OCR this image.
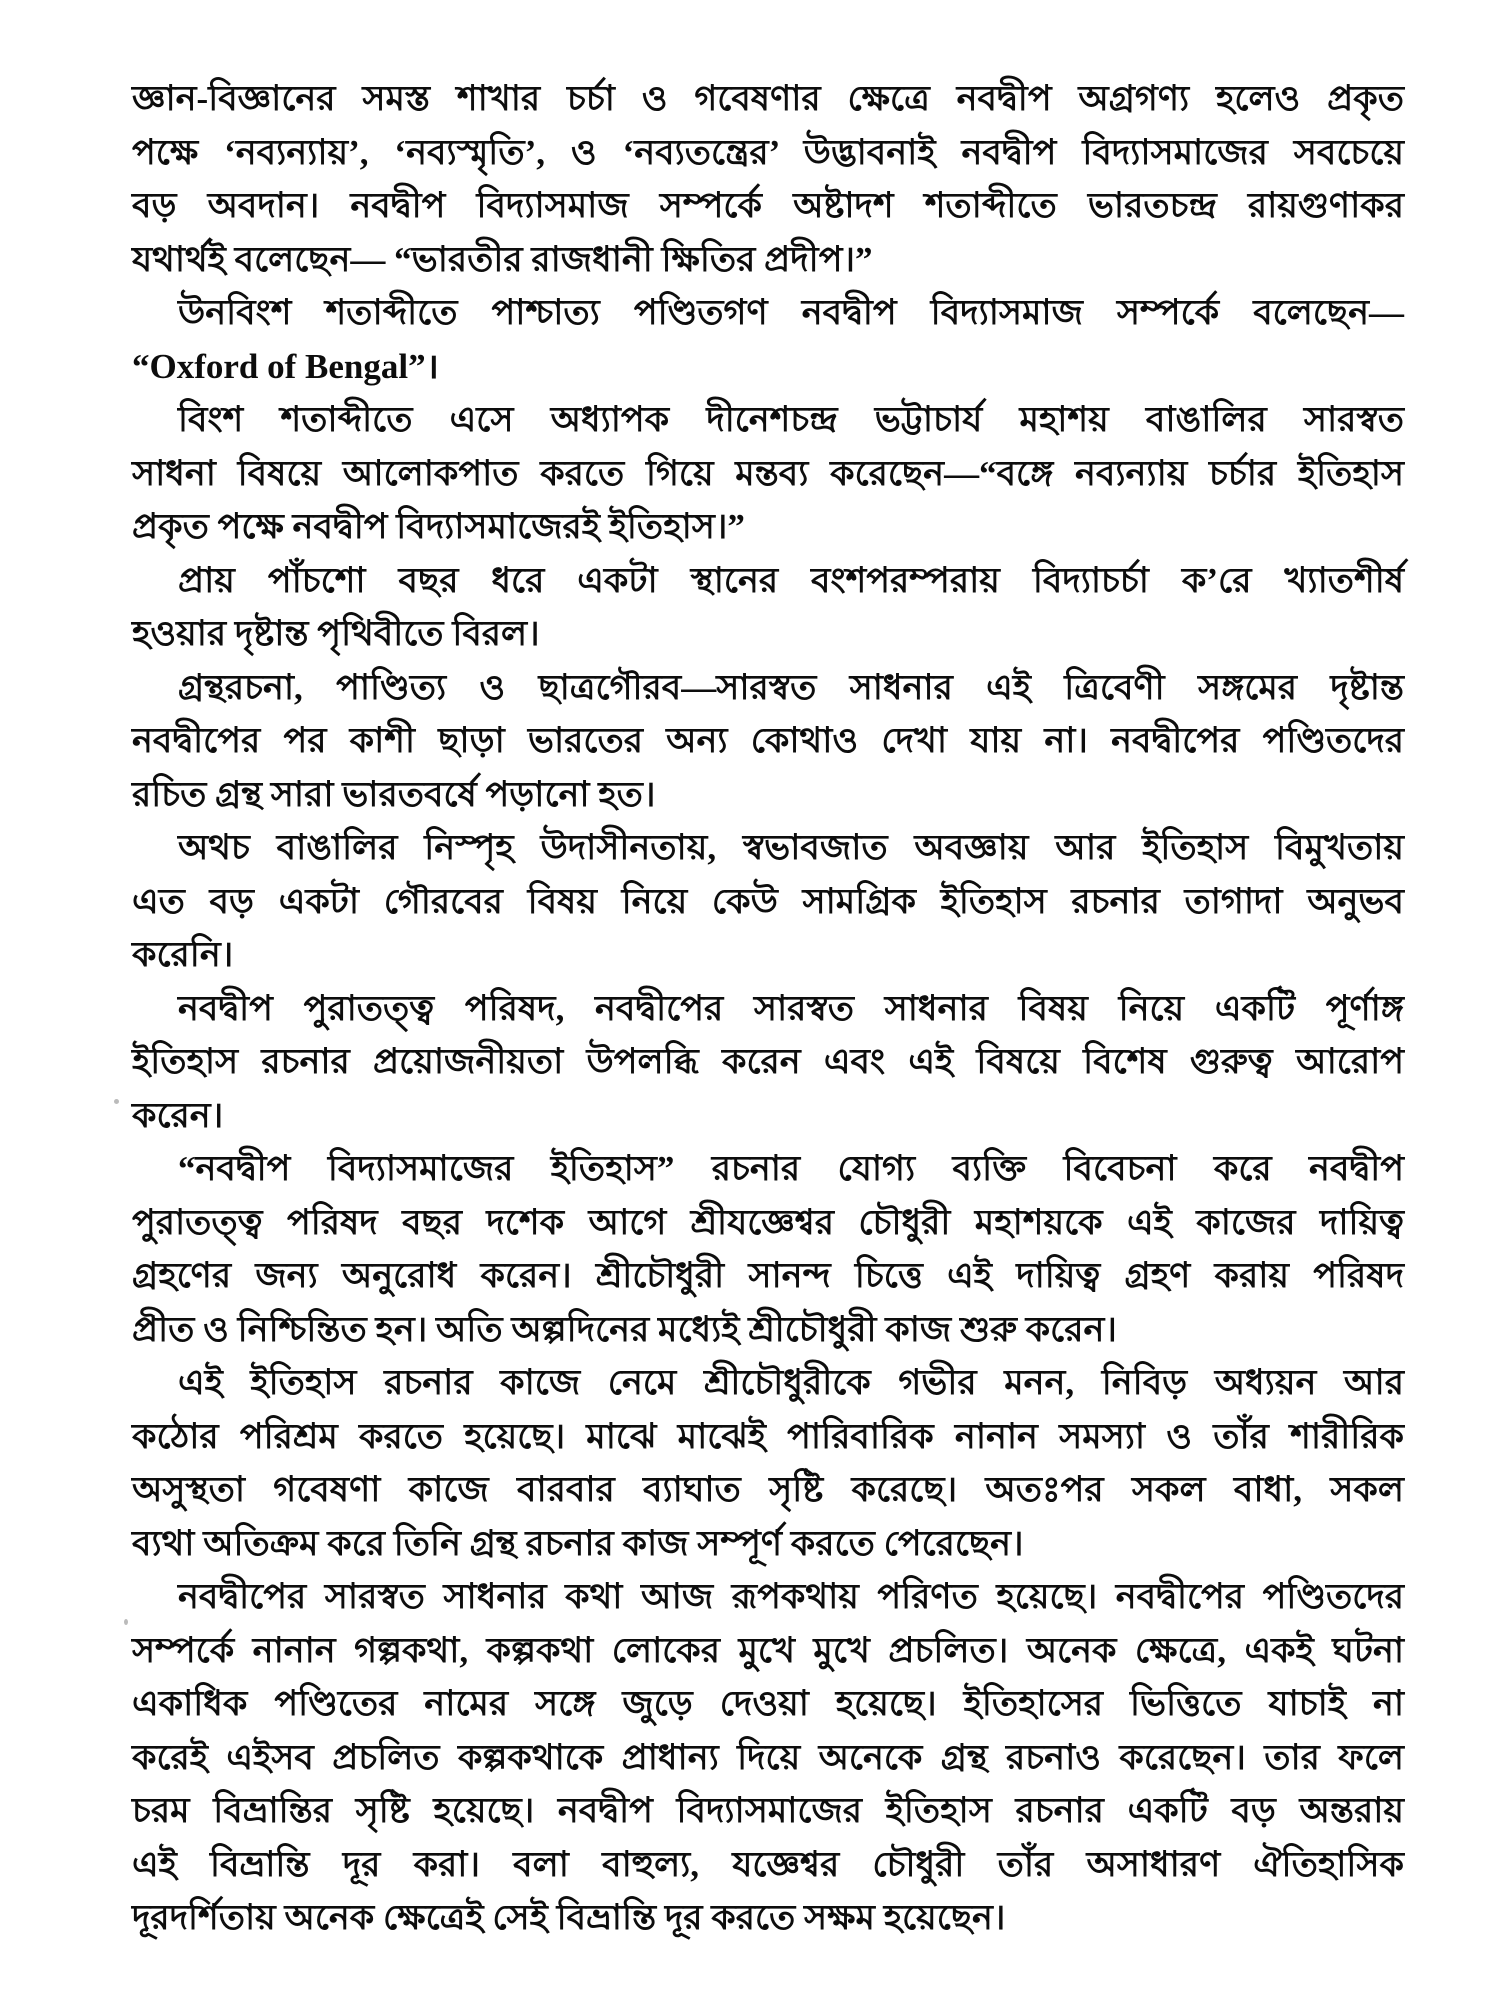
জ্ঞান-বিজ্ঞানের সমস্ত শাখার চর্চা ও গবেষণার ক্ষেত্রে নবদ্বীপ অগ্রগণ্য হলেও প্রকৃত
পক্ষে ‘নব্যন্যায়’, ‘নব্যস্মৃতি’, ও ‘নব্যতন্ত্রের’ উদ্ভাবনাই নবদ্বীপ বিদ্যাসমাজের সবচেয়ে
বড় অবদান। নবদ্বীপ বিদ্যাসমাজ সম্পর্কে অষ্টাদশ শতাব্দীতে ভারতচন্দ্র রায়গুণাকর
যথার্থই বলেছেন— “ভারতীর রাজধানী ক্ষিতির প্রদীপ।”

উনবিংশ শতাব্দীতে পাশ্চাত্য পণ্ডিতগণ নবদ্বীপ বিদ্যাসমাজ সম্পর্কে বলেছেন—
“Oxford of Bengal”।

বিংশ শতাব্দীতে এসে অধ্যাপক দীনেশচন্দ্র ভট্টাচার্য মহাশয় বাঙালির সারস্বত
সাধনা বিষয়ে আলোকপাত করতে গিয়ে মন্তব্য করেছেন—“বঙ্গে নব্যন্যায় চর্চার ইতিহাস
প্রকৃত পক্ষে নবদ্বীপ বিদ্যাসমাজেরই ইতিহাস।”

প্রায় পাঁচশো বছর ধরে একটা স্থানের বংশপরম্পরায় বিদ্যাচর্চা ক’রে খ্যাতশীর্ষ
হওয়ার দৃষ্টান্ত পৃথিবীতে বিরল।

গ্রন্থরচনা, পাণ্ডিত্য ও ছাত্রগৌরব—সারস্বত সাধনার এই ত্রিবেণী সঙ্গমের দৃষ্টান্ত
নবদ্বীপের পর কাশী ছাড়া ভারতের অন্য কোথাও দেখা যায় না। নবদ্বীপের পণ্ডিতদের
রচিত গ্রন্থ সারা ভারতবর্ষে পড়ানো হত।

অথচ বাঙালির নিস্পৃহ উদাসীনতায়, স্বভাবজাত অবজ্ঞায় আর ইতিহাস বিমুখতায়
এত বড় একটা গৌরবের বিষয় নিয়ে কেউ সামগ্রিক ইতিহাস রচনার তাগাদা অনুভব
করেনি।

নবদ্বীপ পুরাতত্ত্ব পরিষদ, নবদ্বীপের সারস্বত সাধনার বিষয় নিয়ে একটি পূর্ণাঙ্গ
ইতিহাস রচনার প্রয়োজনীয়তা উপলব্ধি করেন এবং এই বিষয়ে বিশেষ গুরুত্ব আরোপ
করেন।

“নবদ্বীপ বিদ্যাসমাজের ইতিহাস” রচনার যোগ্য ব্যক্তি বিবেচনা করে নবদ্বীপ
পুরাতত্ত্ব পরিষদ বছর দশেক আগে শ্রীযজ্ঞেশ্বর চৌধুরী মহাশয়কে এই কাজের দায়িত্ব
গ্রহণের জন্য অনুরোধ করেন। শ্রীচৌধুরী সানন্দ চিত্তে এই দায়িত্ব গ্রহণ করায় পরিষদ
প্রীত ও নিশ্চিন্তিত হন। অতি অল্পদিনের মধ্যেই শ্রীচৌধুরী কাজ শুরু করেন।

এই ইতিহাস রচনার কাজে নেমে শ্রীচৌধুরীকে গভীর মনন, নিবিড় অধ্যয়ন আর
কঠোর পরিশ্রম করতে হয়েছে। মাঝে মাঝেই পারিবারিক নানান সমস্যা ও তাঁর শারীরিক
অসুস্থতা গবেষণা কাজে বারবার ব্যাঘাত সৃষ্টি করেছে। অতঃপর সকল বাধা, সকল
ব্যথা অতিক্রম করে তিনি গ্রন্থ রচনার কাজ সম্পূর্ণ করতে পেরেছেন।

নবদ্বীপের সারস্বত সাধনার কথা আজ রূপকথায় পরিণত হয়েছে। নবদ্বীপের পণ্ডিতদের
সম্পর্কে নানান গল্পকথা, কল্পকথা লোকের মুখে মুখে প্রচলিত। অনেক ক্ষেত্রে, একই ঘটনা
একাধিক পণ্ডিতের নামের সঙ্গে জুড়ে দেওয়া হয়েছে। ইতিহাসের ভিত্তিতে যাচাই না
করেই এইসব প্রচলিত কল্পকথাকে প্রাধান্য দিয়ে অনেকে গ্রন্থ রচনাও করেছেন। তার ফলে
চরম বিভ্রান্তির সৃষ্টি হয়েছে। নবদ্বীপ বিদ্যাসমাজের ইতিহাস রচনার একটি বড় অন্তরায়
এই বিভ্রান্তি দূর করা। বলা বাহুল্য, যজ্ঞেশ্বর চৌধুরী তাঁর অসাধারণ ঐতিহাসিক
দূরদর্শিতায় অনেক ক্ষেত্রেই সেই বিভ্রান্তি দূর করতে সক্ষম হয়েছেন।
